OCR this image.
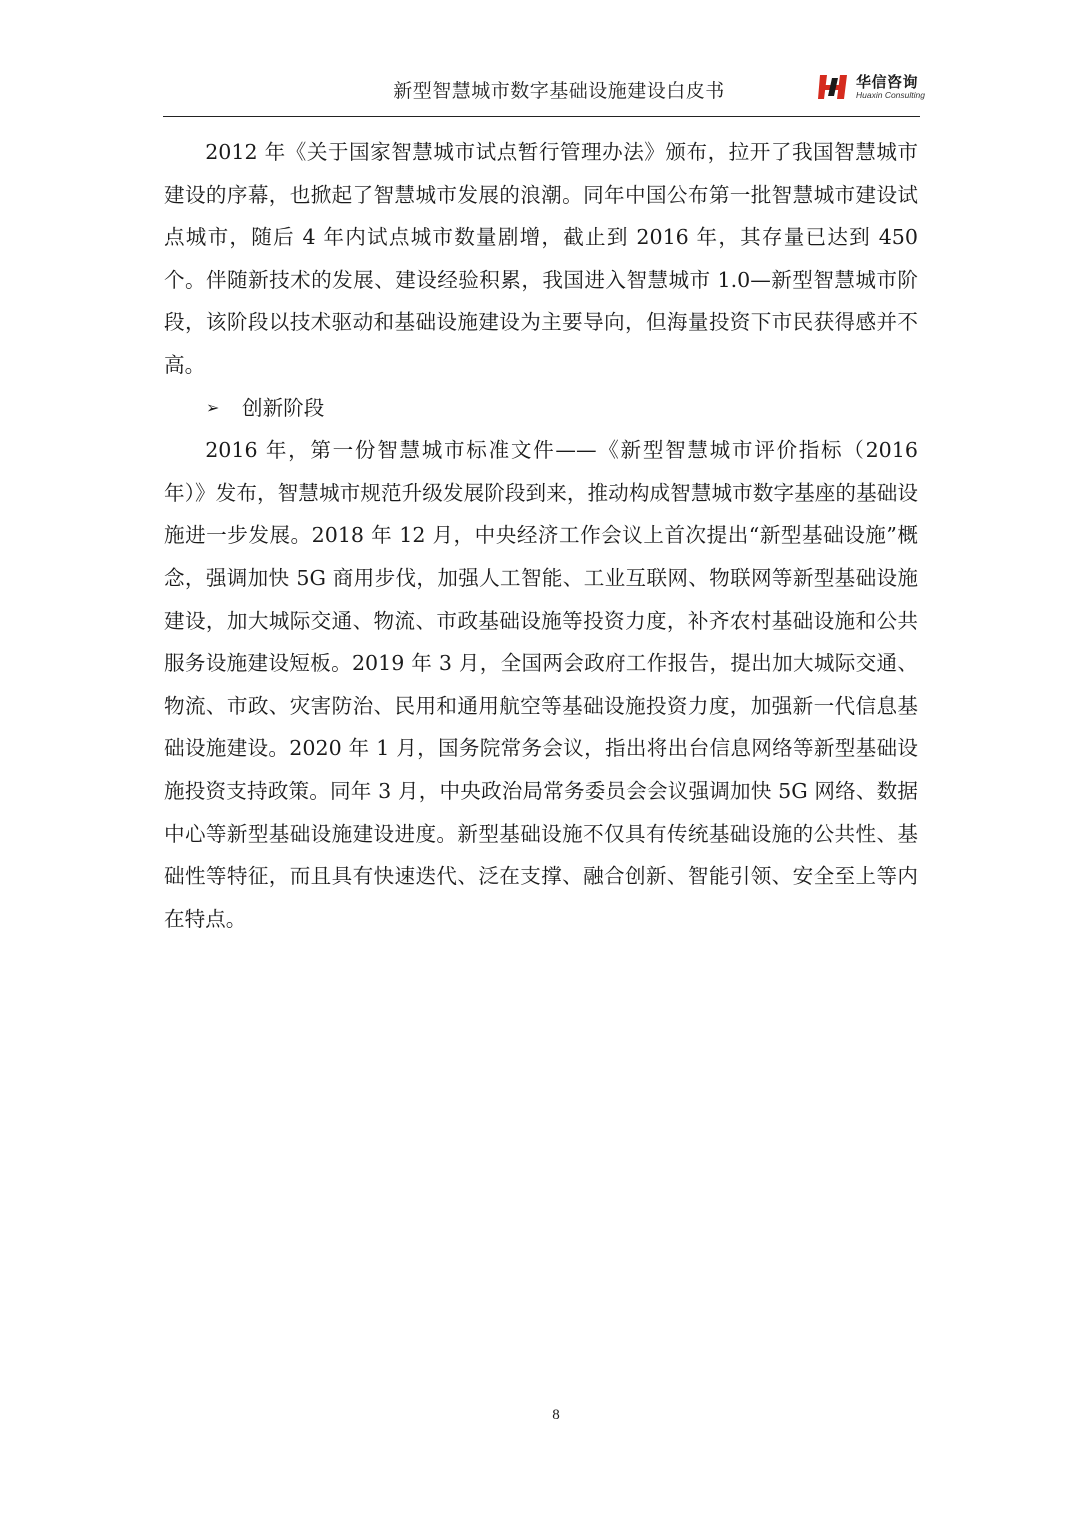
新型智慧城市数字基础设施建设白皮书	华信咨询
Huaxin Consulting

2012 年《关于国家智慧城市试点暂行管理办法》颁布，拉开了我国智慧城市建设的序幕，也掀起了智慧城市发展的浪潮。同年中国公布第一批智慧城市建设试点城市，随后 4 年内试点城市数量剧增，截止到 2016 年，其存量已达到 450 个。伴随新技术的发展、建设经验积累，我国进入智慧城市 1.0—新型智慧城市阶段，该阶段以技术驱动和基础设施建设为主要导向，但海量投资下市民获得感并不高。

➢	创新阶段

2016 年，第一份智慧城市标准文件——《新型智慧城市评价指标（2016 年）》发布，智慧城市规范升级发展阶段到来，推动构成智慧城市数字基座的基础设施进一步发展。2018 年 12 月，中央经济工作会议上首次提出“新型基础设施”概念，强调加快 5G 商用步伐，加强人工智能、工业互联网、物联网等新型基础设施建设，加大城际交通、物流、市政基础设施等投资力度，补齐农村基础设施和公共服务设施建设短板。2019 年 3 月，全国两会政府工作报告，提出加大城际交通、物流、市政、灾害防治、民用和通用航空等基础设施投资力度，加强新一代信息基础设施建设。2020 年 1 月，国务院常务会议，指出将出台信息网络等新型基础设施投资支持政策。同年 3 月，中央政治局常务委员会会议强调加快 5G 网络、数据中心等新型基础设施建设进度。新型基础设施不仅具有传统基础设施的公共性、基础性等特征，而且具有快速迭代、泛在支撑、融合创新、智能引领、安全至上等内在特点。

8
